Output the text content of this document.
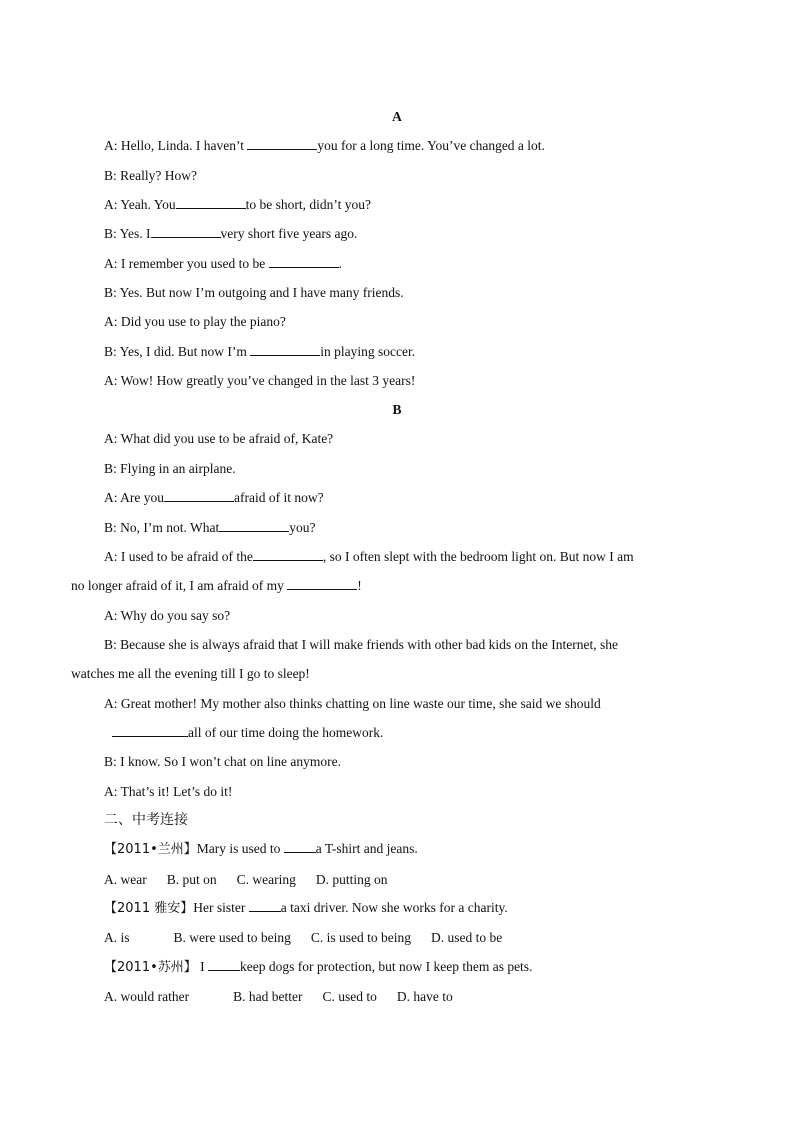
A
A: Hello, Linda. I haven’t	you for a long time. You’ve changed a lot.
B: Really? How?
A: Yeah. You	to be short, didn’t you?
B: Yes. I	very short five years ago.
A: I remember you used to be	.
B: Yes. But now I’m outgoing and I have many friends.
A: Did you use to play the piano?
B: Yes, I did. But now I’m	in playing soccer.
A: Wow! How greatly you’ve changed in the last 3 years!
B
A: What did you use to be afraid of, Kate?
B: Flying in an airplane.
A: Are you	afraid of it now?
B: No, I’m not. What	you?
A: I used to be afraid of the	, so I often slept with the bedroom light on. But now I am
no longer afraid of it, I am afraid of my	!
A: Why do you say so?
B: Because she is always afraid that I will make friends with other bad kids on the Internet, she
watches me all the evening till I go to sleep!
A: Great mother! My mother also thinks chatting on line waste our time, she said we should
all of our time doing the homework.
B: I know. So I won’t chat on line anymore.
A: That’s it! Let’s do it!
二、中考连接
【2011•兰州】Mary is used to a T-shirt and jeans.
A. wear B. put on C. wearing D. putting on
【2011 雅安】Her sister a taxi driver. Now she works for a charity.
A. is	B. were used to being C. is used to being D. used to be
【2011•苏州】 I keep dogs for protection, but now I keep them as pets.
A. would rather	B. had better C. used to D. have to
